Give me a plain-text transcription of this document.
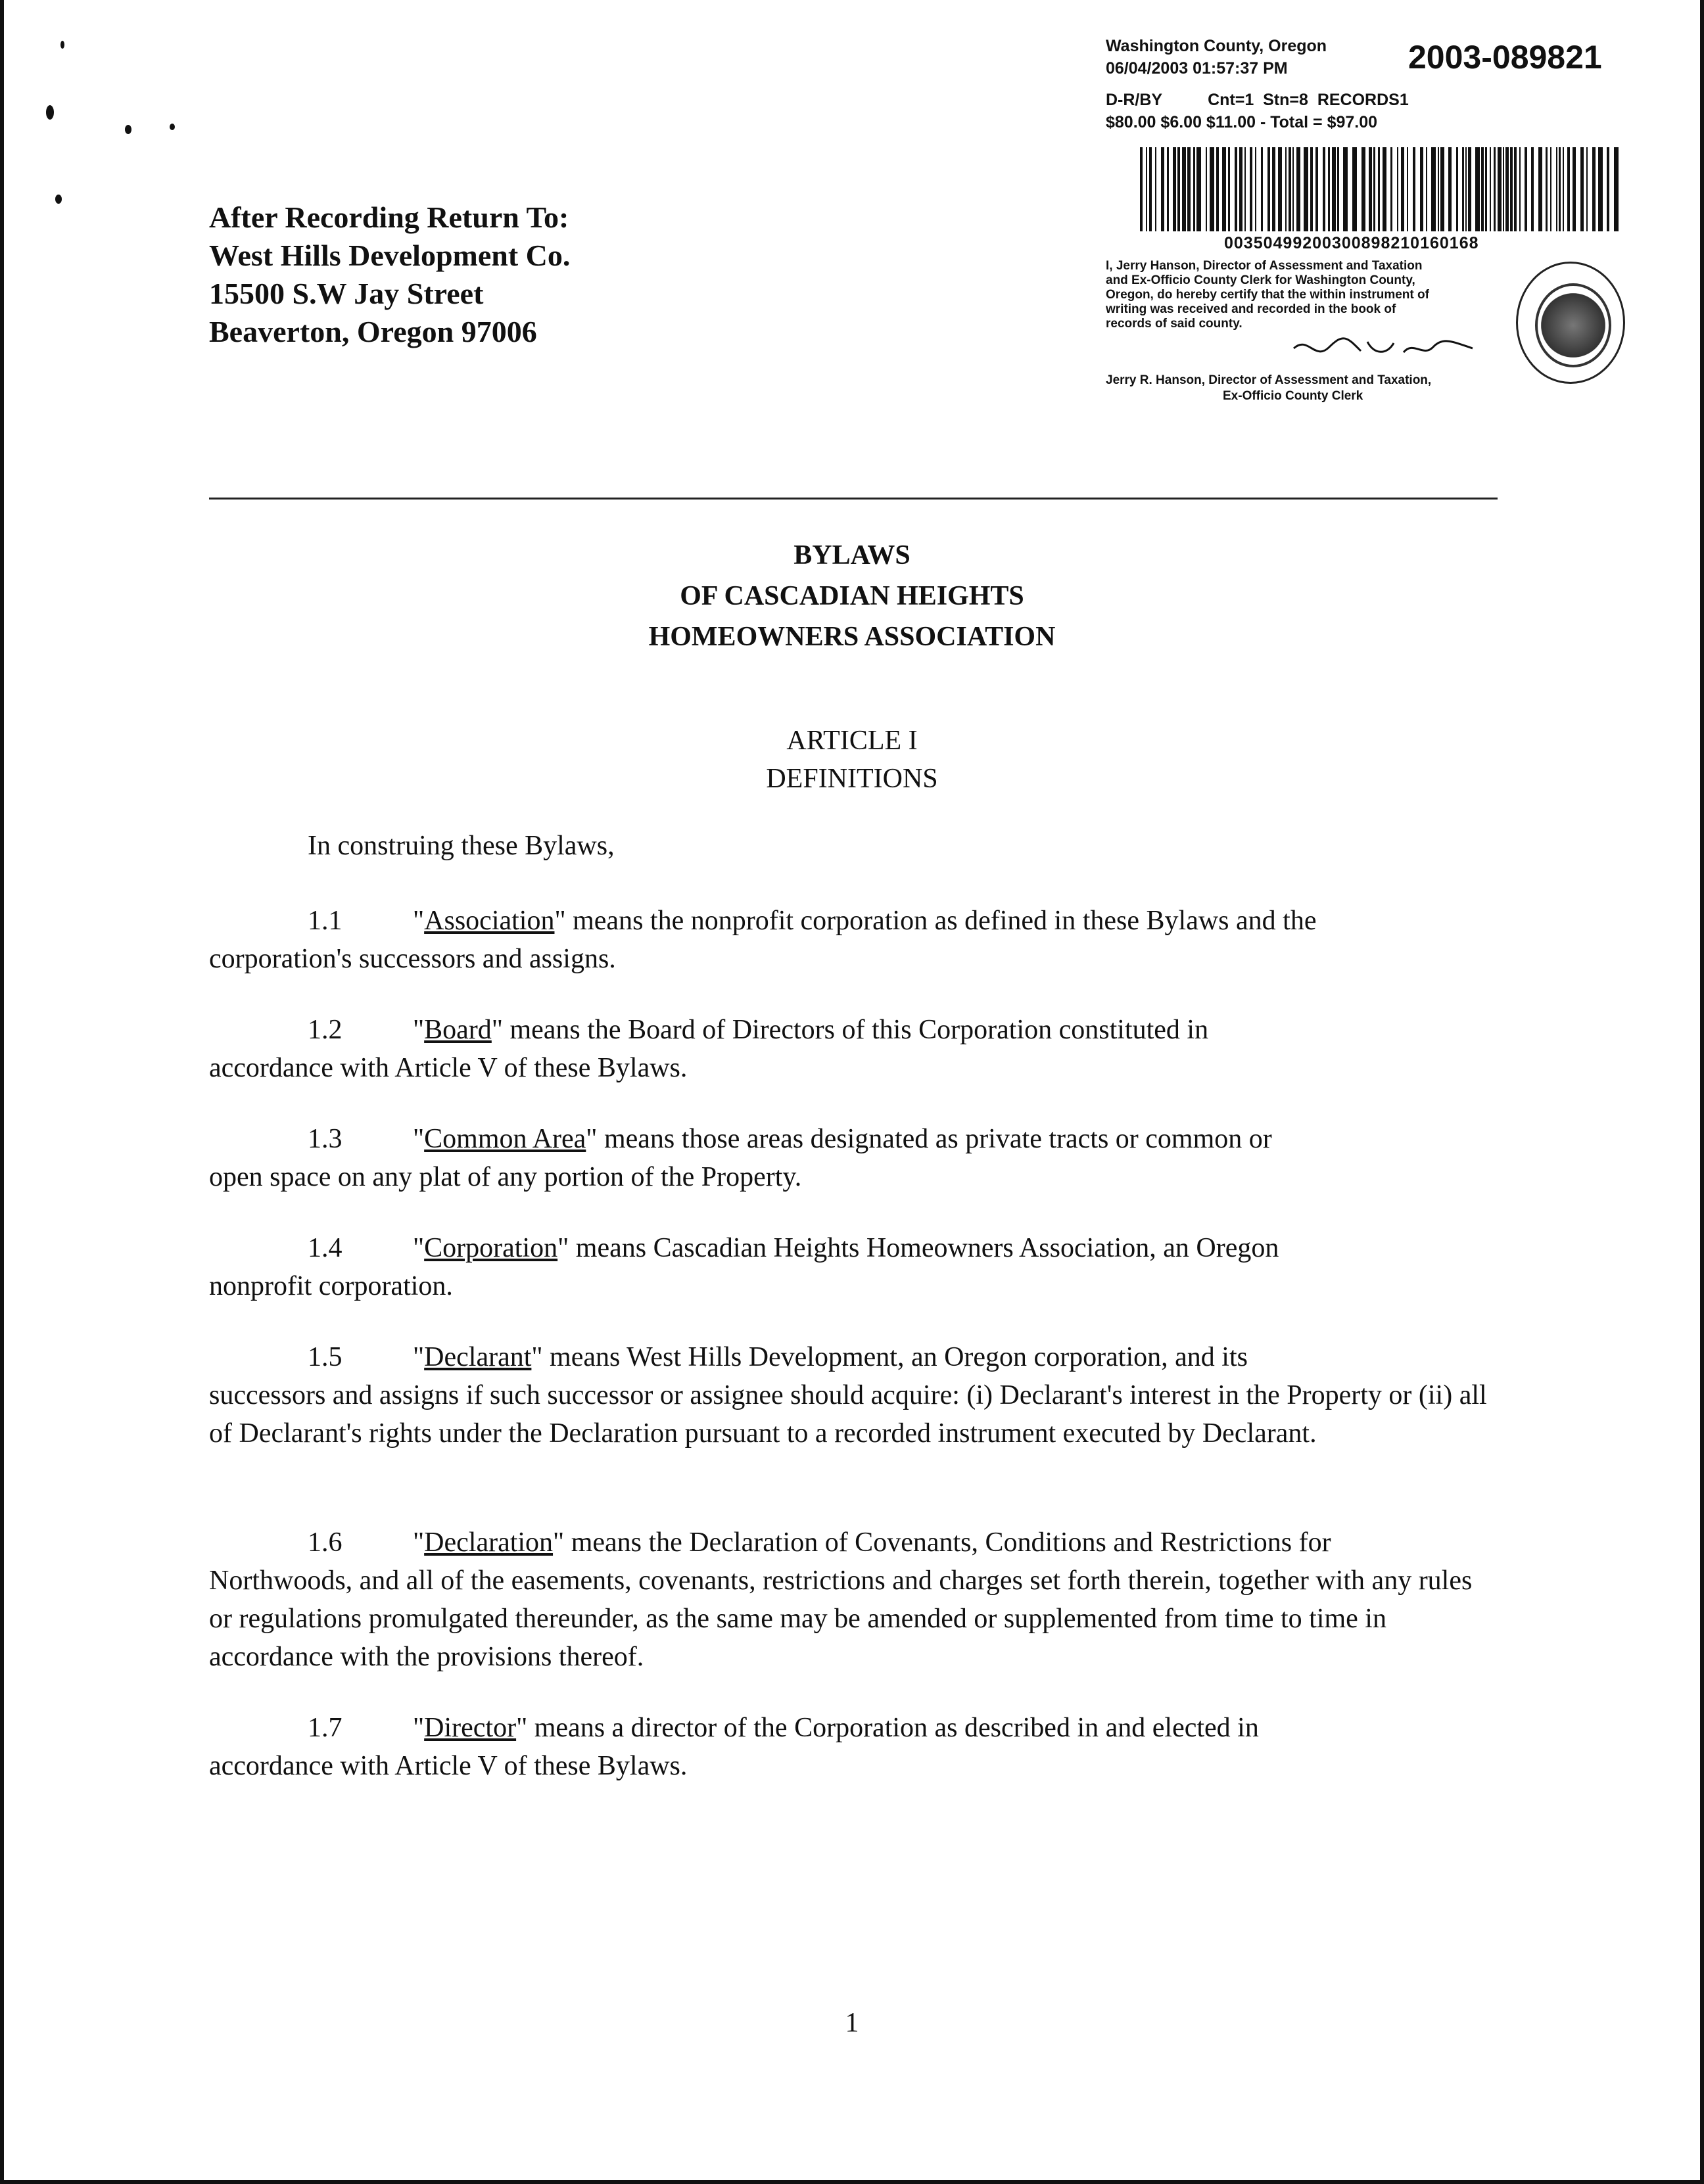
Washington County, Oregon
06/04/2003 01:57:37 PM
D-R/BY          Cnt=1  Stn=8  RECORDS1
$80.00 $6.00 $11.00 - Total = $97.00
2003-089821
00350499200300898210160168
I, Jerry Hanson, Director of Assessment and Taxation
and Ex-Officio County Clerk for Washington County,
Oregon, do hereby certify that the within instrument of
writing was received and recorded in the book of
records of said county.
Jerry R. Hanson, Director of Assessment and Taxation,
Ex-Officio County Clerk
After Recording Return To:
West Hills Development Co.
15500 S.W Jay Street
Beaverton, Oregon 97006
BYLAWS
OF CASCADIAN HEIGHTS
HOMEOWNERS ASSOCIATION
ARTICLE I
DEFINITIONS
In construing these Bylaws,
1.1	"Association" means the nonprofit corporation as defined in these Bylaws and the
corporation's successors and assigns.
1.2	"Board" means the Board of Directors of this Corporation constituted in
accordance with Article V of these Bylaws.
1.3	"Common Area" means those areas designated as private tracts or common or
open space on any plat of any portion of the Property.
1.4	"Corporation" means Cascadian Heights Homeowners Association, an Oregon
nonprofit corporation.
1.5	"Declarant" means West Hills Development, an Oregon corporation, and its
successors and assigns if such successor or assignee should acquire: (i) Declarant's interest in the Property or (ii) all of Declarant's rights under the Declaration pursuant to a recorded instrument executed by Declarant.
1.6	"Declaration" means the Declaration of Covenants, Conditions and Restrictions for
Northwoods, and all of the easements, covenants, restrictions and charges set forth therein, together with any rules or regulations promulgated thereunder, as the same may be amended or supplemented from time to time in accordance with the provisions thereof.
1.7	"Director" means a director of the Corporation as described in and elected in
accordance with Article V of these Bylaws.
1
